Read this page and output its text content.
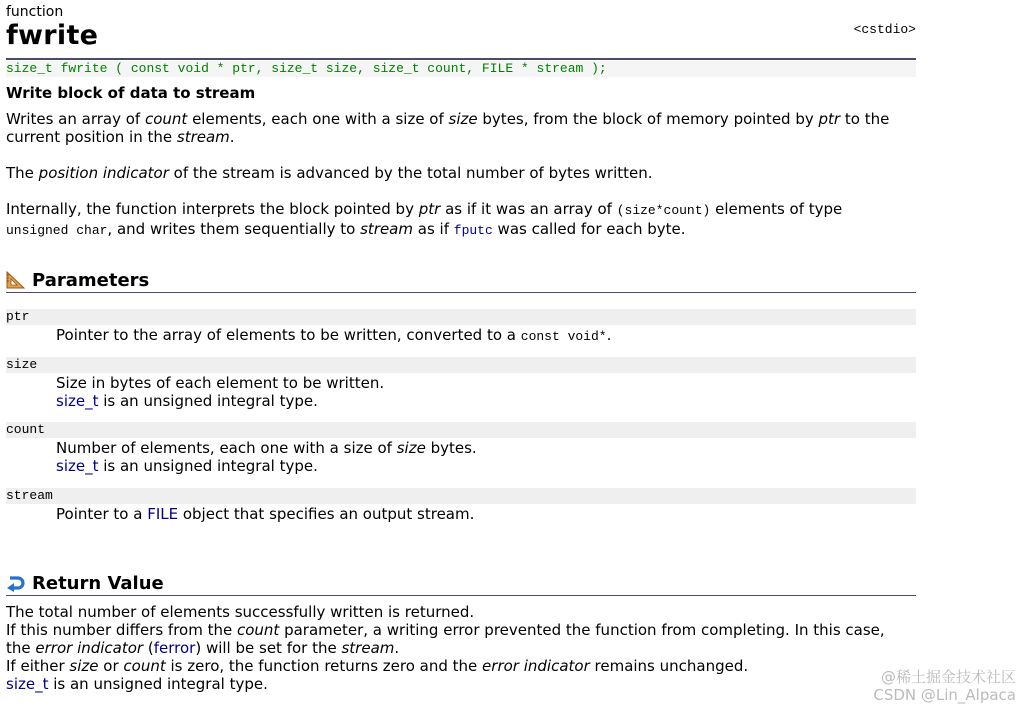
function
fwrite	<cstdio>
size_t fwrite ( const void * ptr, size_t size, size_t count, FILE * stream );
Write block of data to stream
Writes an array of count elements, each one with a size of size bytes, from the block of memory pointed by ptr to the
current position in the stream.
The position indicator of the stream is advanced by the total number of bytes written.
Internally, the function interprets the block pointed by ptr as if it was an array of (size*count) elements of type
unsigned char, and writes them sequentially to stream as if fputc was called for each byte.
Parameters
ptr
Pointer to the array of elements to be written, converted to a const void*.
size
Size in bytes of each element to be written.
size_t is an unsigned integral type.
count
Number of elements, each one with a size of size bytes.
size_t is an unsigned integral type.
stream
Pointer to a FILE object that specifies an output stream.
Return Value
The total number of elements successfully written is returned.
If this number differs from the count parameter, a writing error prevented the function from completing. In this case,
the error indicator (ferror) will be set for the stream.
If either size or count is zero, the function returns zero and the error indicator remains unchanged.
size_t is an unsigned integral type.	@稀土掘金技术社区
CSDN @Lin_Alpaca
